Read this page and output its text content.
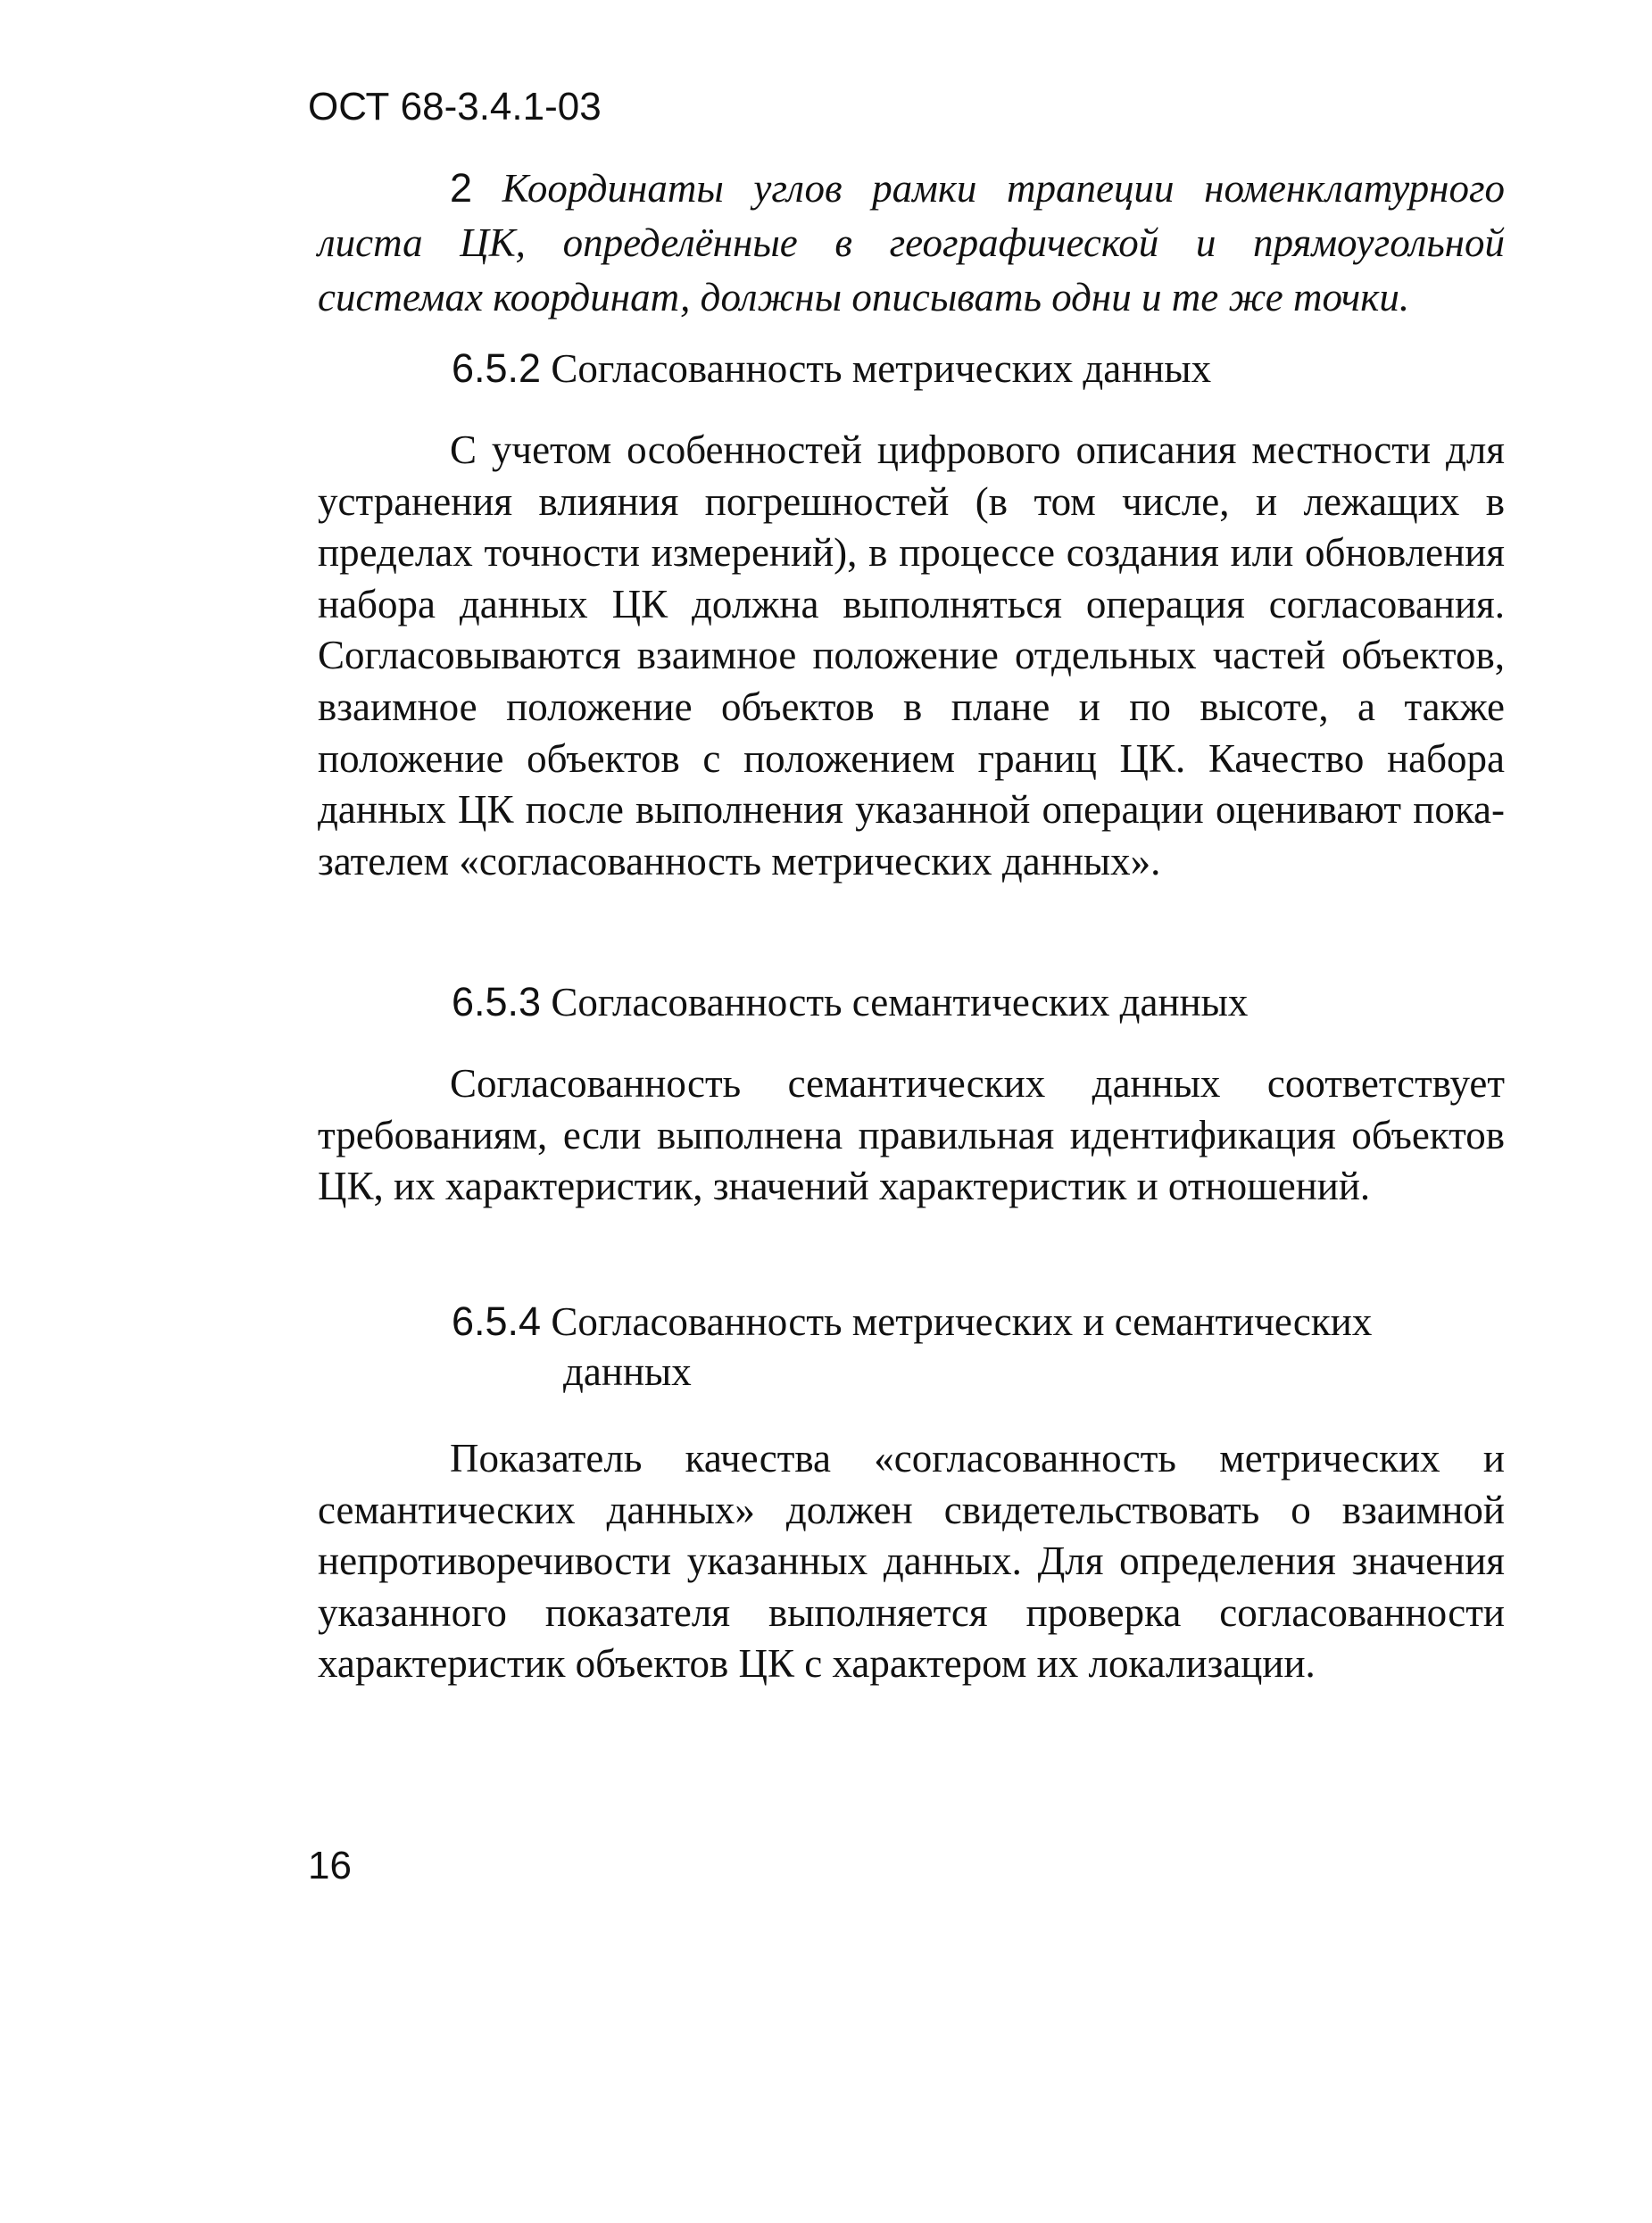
ОСТ 68-3.4.1-03
2 Координаты углов рамки трапеции номенклатурного листа ЦК, определённые в географической и прямоугольной системах координат, должны описывать одни и те же точки.
6.5.2 Согласованность метрических данных
С учетом особенностей цифрового описания местности для устранения влияния погрешностей (в том числе, и лежащих в пределах точности измерений), в процессе создания или обновления набора данных ЦК должна выполняться операция согласования. Согласовываются взаимное положение отдельных частей объектов, взаимное положение объектов в плане и по высоте, а также положение объектов с положением границ ЦК. Качество набора данных ЦК после выполнения указанной операции оценивают показателем «согласованность метрических данных».
6.5.3 Согласованность семантических данных
Согласованность семантических данных соответствует требованиям, если выполнена правильная идентификация объектов ЦК, их характеристик, значений характеристик и отношений.
6.5.4 Согласованность метрических и семантических
данных
Показатель качества «согласованность метрических и семантических данных» должен свидетельствовать о взаимной непротиворечивости указанных данных. Для определения значения указанного показателя выполняется проверка согласованности характеристик объектов ЦК с характером их локализации.
16
